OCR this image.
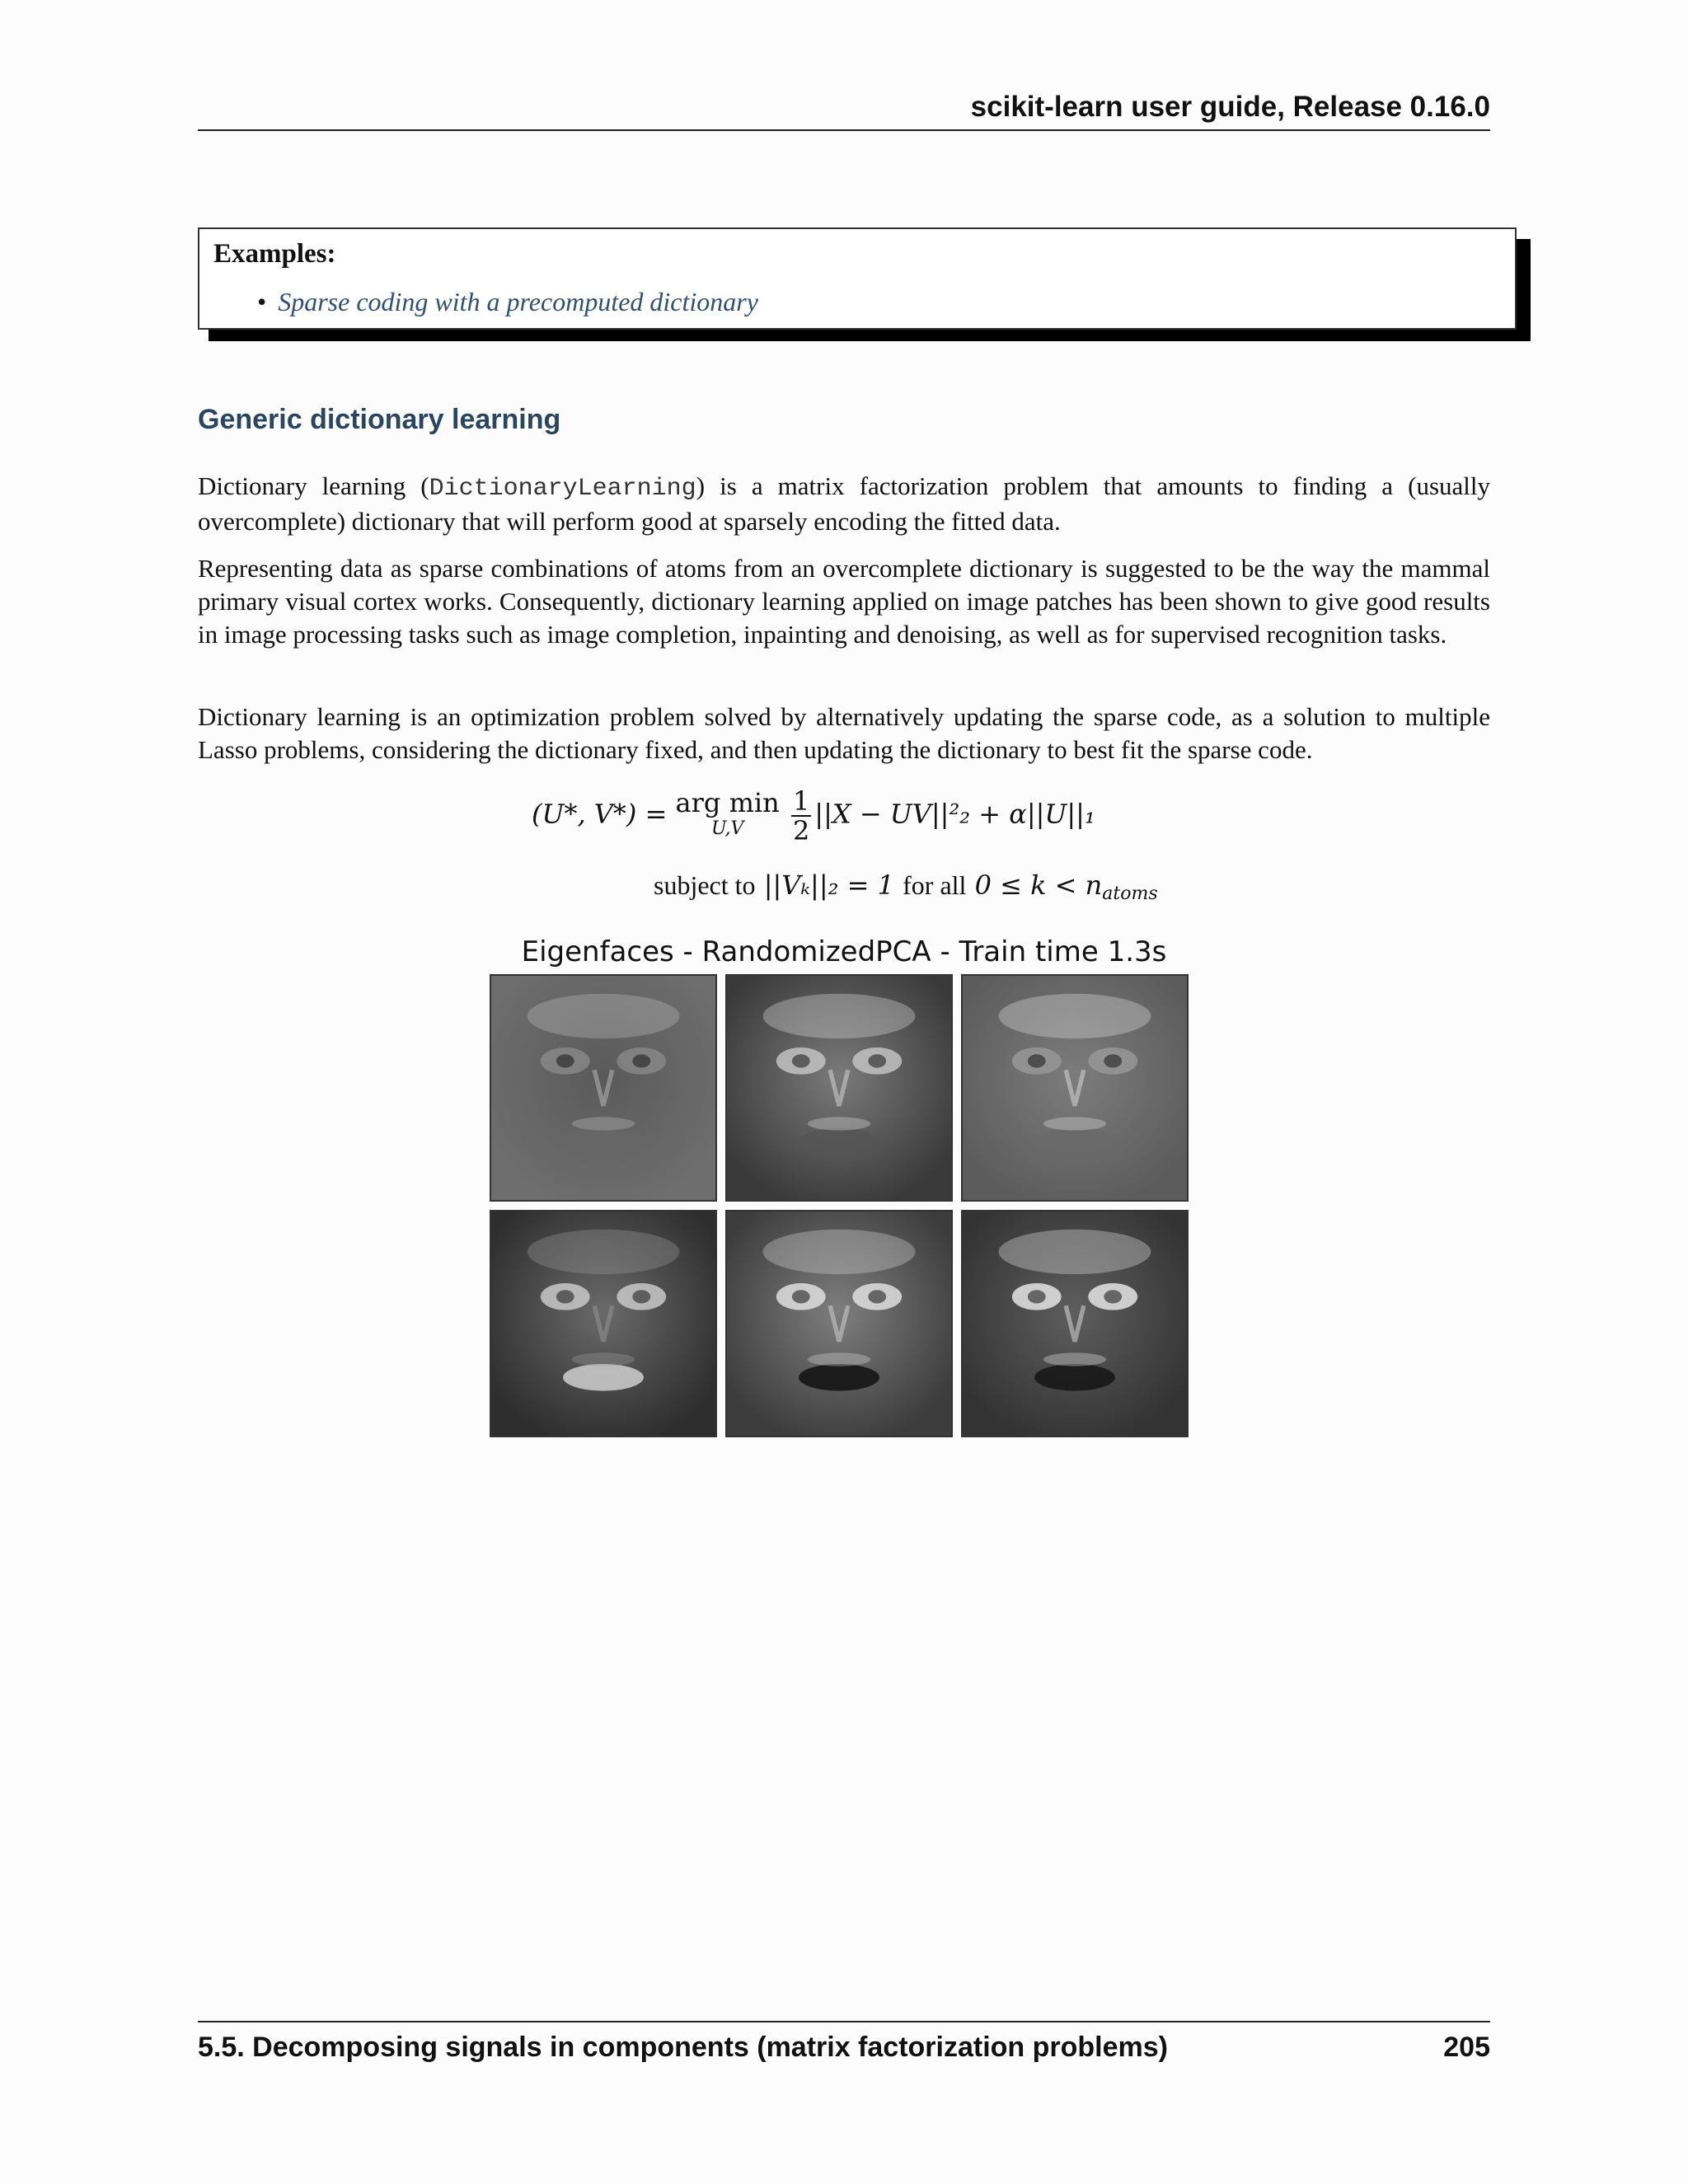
scikit-learn user guide, Release 0.16.0
Examples:
• Sparse coding with a precomputed dictionary
Generic dictionary learning

Dictionary learning (DictionaryLearning) is a matrix factorization problem that amounts to finding a (usually overcomplete) dictionary that will perform good at sparsely encoding the fitted data.

Representing data as sparse combinations of atoms from an overcomplete dictionary is suggested to be the way the mammal primary visual cortex works. Consequently, dictionary learning applied on image patches has been shown to give good results in image processing tasks such as image completion, inpainting and denoising, as well as for supervised recognition tasks.

Dictionary learning is an optimization problem solved by alternatively updating the sparse code, as a solution to multiple Lasso problems, considering the dictionary fixed, and then updating the dictionary to best fit the sparse code.

(U*, V*) = arg min
U,V
	$\frac{1}{2} ||X - UV||^2_2 + \alpha||U||_1$
subject to ||Vₖ||₂ = 1 for all 0 ≤ k < natoms
Eigenfaces - RandomizedPCA - Train time 1.3s
5.5. Decomposing signals in components (matrix factorization problems)	205
